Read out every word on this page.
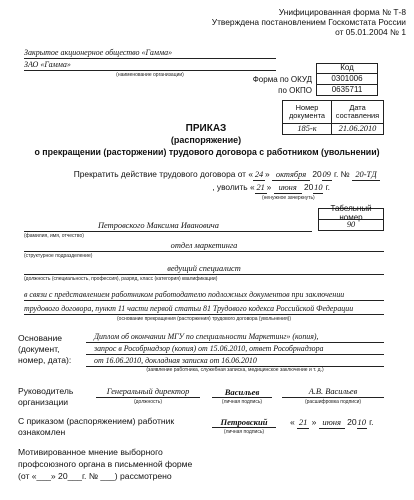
Унифицированная форма № Т-8
Утверждена постановлением Госкомстата России
от 05.01.2004 № 1
Закрытое акционерное общество «Гамма»
ЗАО «Гамма»
(наименование организации)
Код
Форма по ОКУД	0301006
по ОКПО	0635711
Номер документа
Дата составления
185-к	21.06.2010
ПРИКАЗ
(распоряжение)
о прекращении (расторжении) трудового договора с работником (увольнении)
Прекратить действие трудового договора от « 24 » октября 2009 г. № 20-ТД
, уволить « 21 » июня 2010 г.
(ненужное зачеркнуть)
Табельный номер
90
Петровского Максима Ивановича
(фамилия, имя, отчество)
отдел маркетинга
(структурное подразделение)
ведущий специалист
(должность (специальность, профессия), разряд, класс (категория) квалификации)
в связи с представлением работником работодателю подложных документов при заключении
трудового договора, пункт 11 части первой статьи 81 Трудового кодекса Российской Федерации
(основание прекращения (расторжения) трудового договора (увольнения))
Основание
(документ,
номер, дата):
Диплом об окончании МГУ по специальности Маркетинг» (копия),
запрос в Рособрнадзор (копия) от 15.06.2010, ответ Рособрнадзора
от 16.06.2010, докладная записка от 16.06.2010
(заявление работника, служебная записка, медицинское заключение и т. д.)
Руководитель
организации
Генеральный директор
(должность)
Васильев
(личная подпись)
А.В. Васильев
(расшифровка подписи)
С приказом (распоряжением) работник
ознакомлен
Петровский
(личная подпись)
« 21 » июня 2010 г.
Мотивированное мнение выборного
профсоюзного органа в письменной форме
(от «___» 20___г. № ___) рассмотрено
